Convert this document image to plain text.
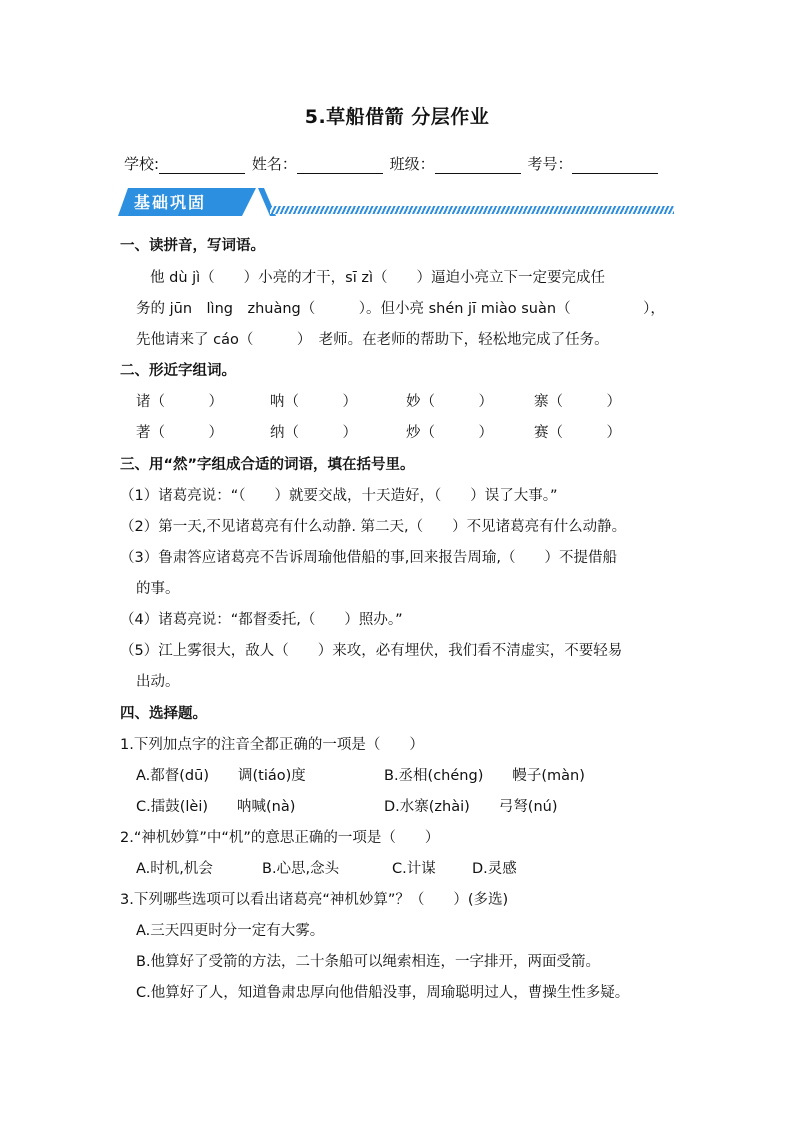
5.草船借箭 分层作业
学校:	姓名：	班级：	考号：
基础巩固
一、读拼音，写词语。
他 dù jì（　　）小亮的才干，sī zì（　　）逼迫小亮立下一定要完成任
务的 jūn　lìng　zhuàng（　　　）。但小亮 shén jī miào suàn（　　　　　），
先他请来了 cáo（　　　）　老师。在老师的帮助下，轻松地完成了任务。
二、形近字组词。
诸（　　　）	呐（　　　）	妙（　　　）	寨（　　　）
著（　　　）	纳（　　　）	炒（　　　）	赛（　　　）
三、用“然”字组成合适的词语，填在括号里。
（1）诸葛亮说：“（　　）就要交战，十天造好，（　　）误了大事。”
（2）第一天,不见诸葛亮有什么动静. 第二天,（　　）不见诸葛亮有什么动静。
（3）鲁肃答应诸葛亮不告诉周瑜他借船的事,回来报告周瑜,（　　）不提借船
的事。
（4）诸葛亮说：“都督委托,（　　）照办。”
（5）江上雾很大，敌人（　　）来攻，必有埋伏，我们看不清虚实，不要轻易
出动。
四、选择题。
1.下列加点字的注音全都正确的一项是（　　）
A.都督(dū)　　调(tiáo)度	B.丞相(chéng)　　幔子(màn)
C.擂鼓(lèi)　　呐喊(nà)	D.水寨(zhài)　　弓弩(nú)
2.“神机妙算”中“机”的意思正确的一项是（　　）
A.时机,机会	B.心思,念头	C.计谋	D.灵感
3.下列哪些选项可以看出诸葛亮“神机妙算”？（　　）(多选)
A.三天四更时分一定有大雾。
B.他算好了受箭的方法，二十条船可以绳索相连，一字排开，两面受箭。
C.他算好了人，知道鲁肃忠厚向他借船没事，周瑜聪明过人，曹操生性多疑。
